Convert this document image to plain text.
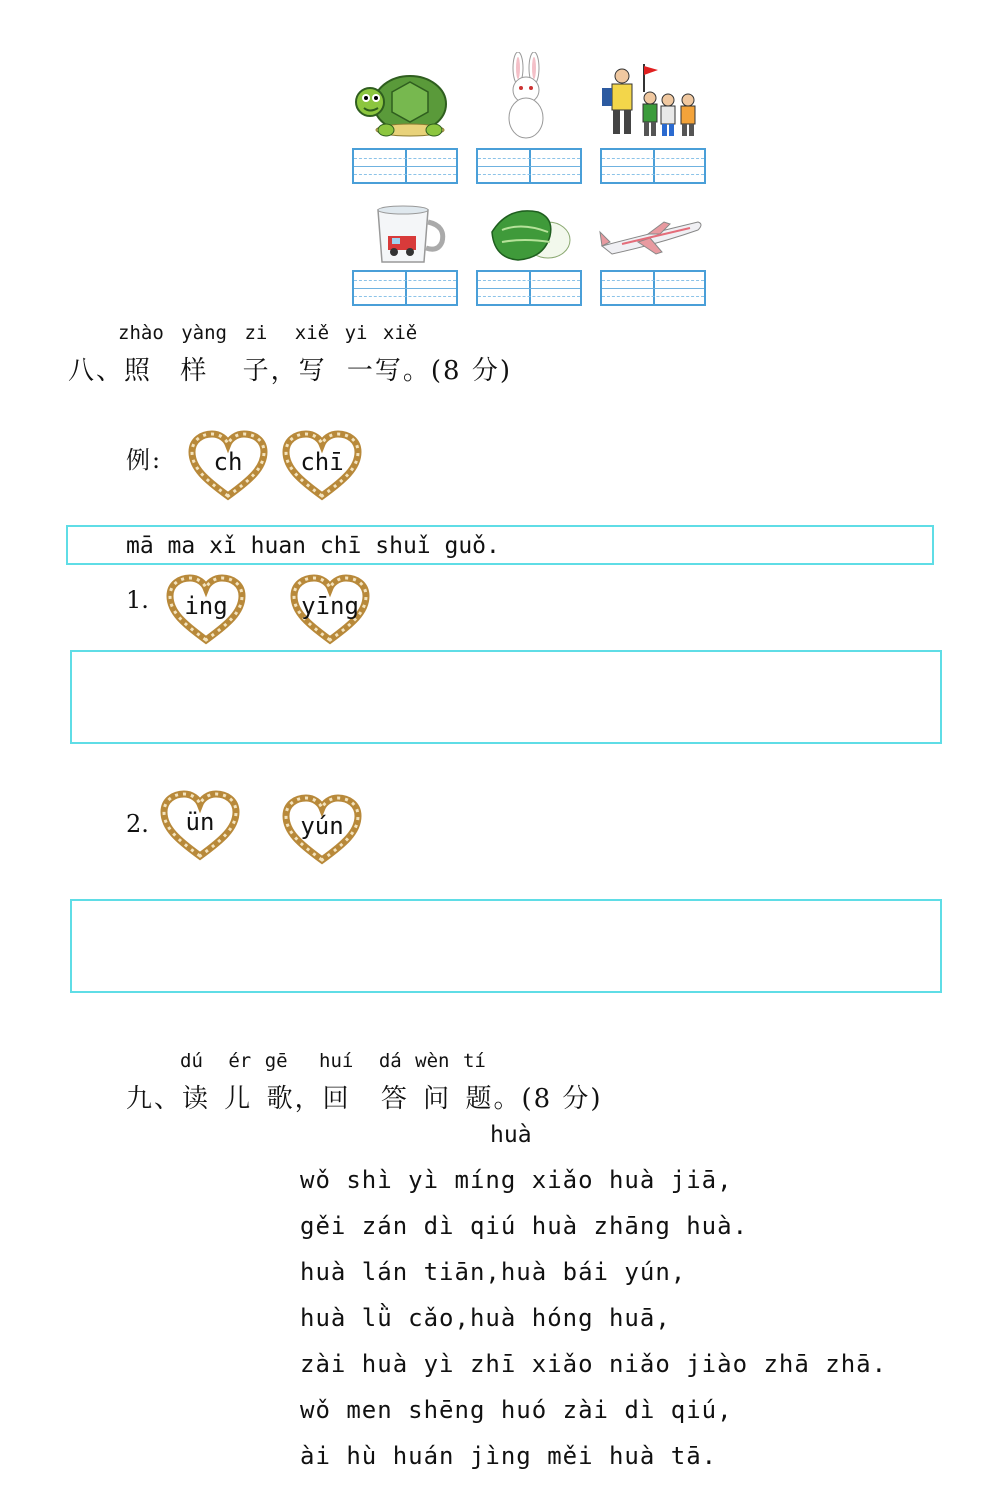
zhào yàng zi xiě yi xiě
八、照 样 子，写 一写。(8 分)
例:	ch	chī
mā ma xǐ huan chī shuǐ guǒ.
1.	ing	yīng
2.	ün	yún
dú ér gē huí dá wèn tí
九、读 儿 歌，回 答 问 题。(8 分)
huà
wǒ shì yì míng xiǎo huà jiā,
gěi zán dì qiú huà zhāng huà.
huà lán tiān,huà bái yún,
huà lǜ cǎo,huà hóng huā,
zài huà yì zhī xiǎo niǎo jiào zhā zhā.
wǒ men shēng huó zài dì qiú,
ài hù huán jìng měi huà tā.
